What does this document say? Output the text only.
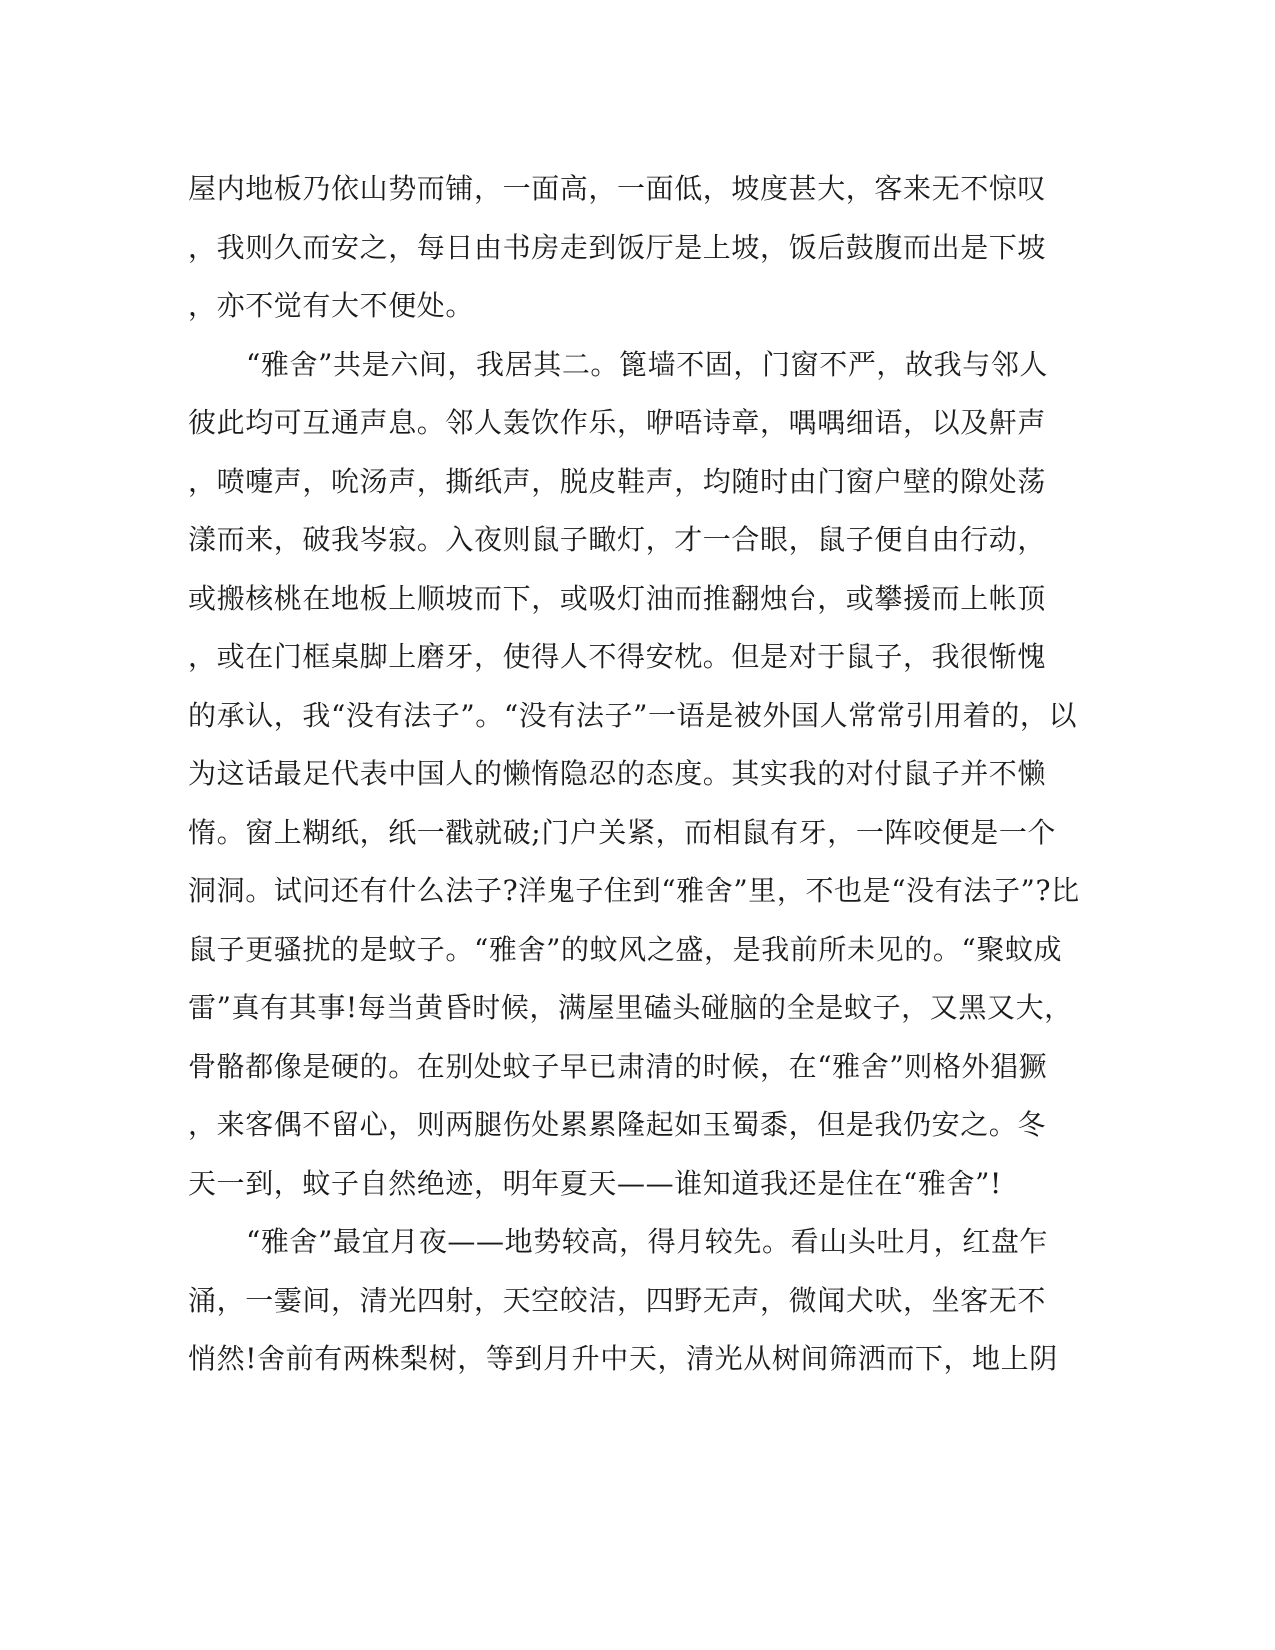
屋内地板乃依山势而铺，一面高，一面低，坡度甚大，客来无不惊叹
，我则久而安之，每日由书房走到饭厅是上坡，饭后鼓腹而出是下坡
，亦不觉有大不便处。
“雅舍”共是六间，我居其二。篦墙不固，门窗不严，故我与邻人
彼此均可互通声息。邻人轰饮作乐，咿唔诗章，喁喁细语，以及鼾声
，喷嚏声，吮汤声，撕纸声，脱皮鞋声，均随时由门窗户壁的隙处荡
漾而来，破我岑寂。入夜则鼠子瞰灯，才一合眼，鼠子便自由行动，
或搬核桃在地板上顺坡而下，或吸灯油而推翻烛台，或攀援而上帐顶
，或在门框桌脚上磨牙，使得人不得安枕。但是对于鼠子，我很惭愧
的承认，我“没有法子”。“没有法子”一语是被外国人常常引用着的，以
为这话最足代表中国人的懒惰隐忍的态度。其实我的对付鼠子并不懒
惰。窗上糊纸，纸一戳就破;门户关紧，而相鼠有牙，一阵咬便是一个
洞洞。试问还有什么法子?洋鬼子住到“雅舍”里，不也是“没有法子”?比
鼠子更骚扰的是蚊子。“雅舍”的蚊风之盛，是我前所未见的。“聚蚊成
雷”真有其事!每当黄昏时候，满屋里磕头碰脑的全是蚊子，又黑又大，
骨骼都像是硬的。在别处蚊子早已肃清的时候，在“雅舍”则格外猖獗
，来客偶不留心，则两腿伤处累累隆起如玉蜀黍，但是我仍安之。冬
天一到，蚊子自然绝迹，明年夏天——谁知道我还是住在“雅舍”!
“雅舍”最宜月夜——地势较高，得月较先。看山头吐月，红盘乍
涌，一霎间，清光四射，天空皎洁，四野无声，微闻犬吠，坐客无不
悄然!舍前有两株梨树，等到月升中天，清光从树间筛洒而下，地上阴
